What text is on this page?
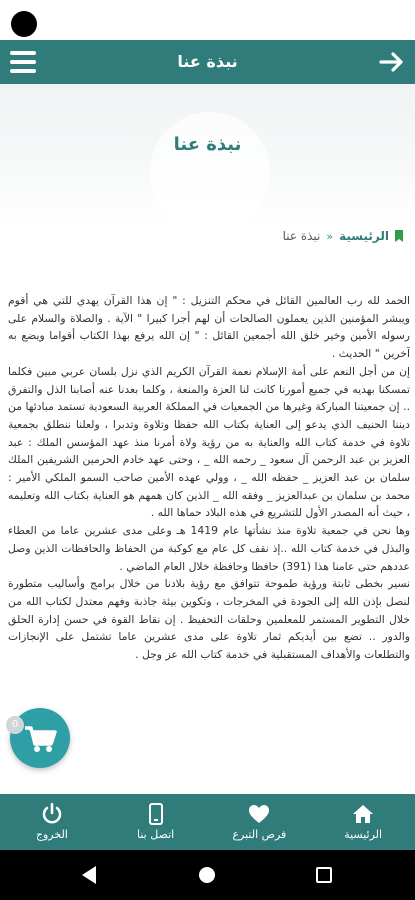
نبذة عنا
نبذة عنا
الرئيسية
»
نبذة عنا

الحمد لله رب العالمين القائل في محكم التنزيل : " إن هذا القرآن يهدي للتي هي أقوم ويبشر المؤمنين الذين يعملون الصالحات أن لهم أجرا كبيرا " الآية . والصلاة والسلام على رسوله الأمين وخير خلق الله أجمعين القائل : " إن الله يرفع بهذا الكتاب أقواما ويضع به آخرين " الحديث .

إن من أجل النعم على أمة الإسلام نعمة القرآن الكريم الذي نزل بلسان عربي مبين فكلما تمسكنا بهديه في جميع أمورنا كانت لنا العزة والمنعة ، وكلما بعدنا عنه أصابنا الذل والتفرق .. إن جمعيتنا المباركة وغيرها من الجمعيات في المملكة العربية السعودية تستمد مبادئها من ديننا الحنيف الذي يدعو إلى العناية بكتاب الله حفظا وتلاوة وتدبرا ، ولعلنا ننطلق بجمعية تلاوة في خدمة كتاب الله والعناية به من رؤية ولاة أمرنا منذ عهد المؤسس الملك : عبد العزيز بن عبد الرحمن آل سعود _ رحمه الله _ ، وحتى عهد خادم الحرمين الشريفين الملك سلمان بن عبد العزيز _ حفظه الله _ ، وولي عهده الأمين صاحب السمو الملكي الأمير : محمد بن سلمان بن عبدالعزيز _ وفقه الله _ الذين كان همهم هو العناية بكتاب الله وتعليمه ، حيث أنه المصدر الأول للتشريع في هذه البلاد حماها الله .

وها نحن في جمعية تلاوة منذ نشأتها عام 1419 هـ وعلى مدى عشرين عاما من العطاء والبذل في خدمة كتاب الله ..إذ نقف كل عام مع كوكبة من الحفاظ والحافظات الذين وصل عددهم حتى عامنا هذا (391) حافظا وحافظة خلال العام الماضي .

نسير بخطى ثابتة ورؤية طموحة تتوافق مع رؤية بلادنا من خلال برامج وأساليب متطورة لنصل بإذن الله إلى الجودة في المخرجات ، وتكوين بيئة جاذبة وفهم معتدل لكتاب الله من خلال التطوير المستمر للمعلمين وحلقات التحفيظ . إن نقاط القوة في حسن إدارة الحلق والدور .. تضع بين أيديكم ثمار تلاوة على مدى عشرين عاما تشتمل على الإنجازات والتطلعات والأهداف المستقبلية في خدمة كتاب الله عز وجل .

0
الرئيسية
فرص التبرع
اتصل بنا
الخروج
